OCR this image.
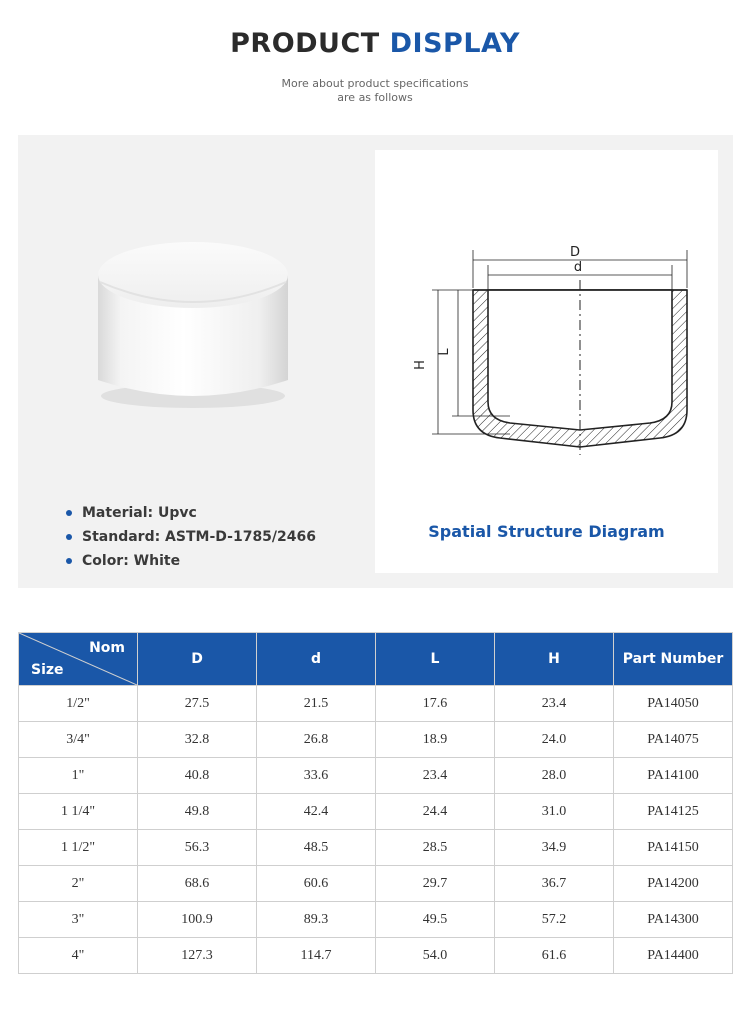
PRODUCT DISPLAY
More about product specifications
are as follows
Material: Upvc
Standard: ASTM-D-1785/2466
Color: White
D
d
H
L
Spatial Structure Diagram
Nom
Size	D	d	L	H	Part Number
1/2"	27.5	21.5	17.6	23.4	PA14050
3/4"	32.8	26.8	18.9	24.0	PA14075
1"	40.8	33.6	23.4	28.0	PA14100
1 1/4"	49.8	42.4	24.4	31.0	PA14125
1 1/2"	56.3	48.5	28.5	34.9	PA14150
2"	68.6	60.6	29.7	36.7	PA14200
3"	100.9	89.3	49.5	57.2	PA14300
4"	127.3	114.7	54.0	61.6	PA14400
